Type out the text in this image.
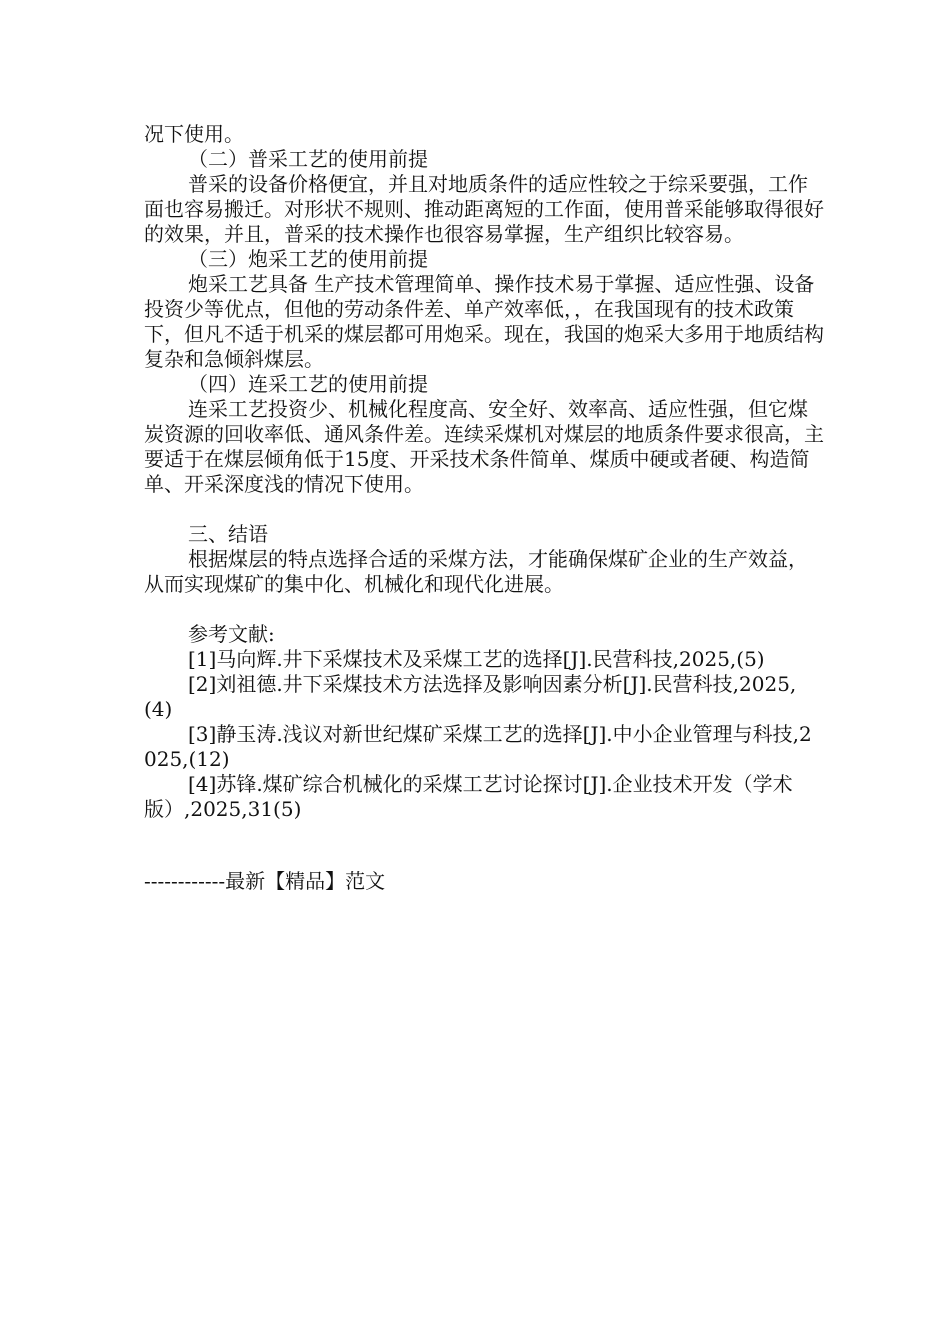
况下使用。

（二）普采工艺的使用前提

普采的设备价格便宜，并且对地质条件的适应性较之于综采要强，工作面也容易搬迁。对形状不规则、推动距离短的工作面，使用普采能够取得很好的效果，并且，普采的技术操作也很容易掌握，生产组织比较容易。

（三）炮采工艺的使用前提

炮采工艺具备 生产技术管理简单、操作技术易于掌握、适应性强、设备投资少等优点，但他的劳动条件差、单产效率低，，在我国现有的技术政策下，但凡不适于机采的煤层都可用炮采。现在，我国的炮采大多用于地质结构复杂和急倾斜煤层。

（四）连采工艺的使用前提

连采工艺投资少、机械化程度高、安全好、效率高、适应性强，但它煤炭资源的回收率低、通风条件差。连续采煤机对煤层的地质条件要求很高，主要适于在煤层倾角低于15度、开采技术条件简单、煤质中硬或者硬、构造简单、开采深度浅的情况下使用。

三、结语

根据煤层的特点选择合适的采煤方法，才能确保煤矿企业的生产效益，从而实现煤矿的集中化、机械化和现代化进展。

参考文献:

[1]马向辉.井下采煤技术及采煤工艺的选择[J].民营科技,2025,(5)

[2]刘祖德.井下采煤技术方法选择及影响因素分析[J].民营科技,2025,(4)

[3]静玉涛.浅议对新世纪煤矿采煤工艺的选择[J].中小企业管理与科技,2025,(12)

[4]苏锋.煤矿综合机械化的采煤工艺讨论探讨[J].企业技术开发（学术版）,2025,31(5)

------------最新【精品】范文
